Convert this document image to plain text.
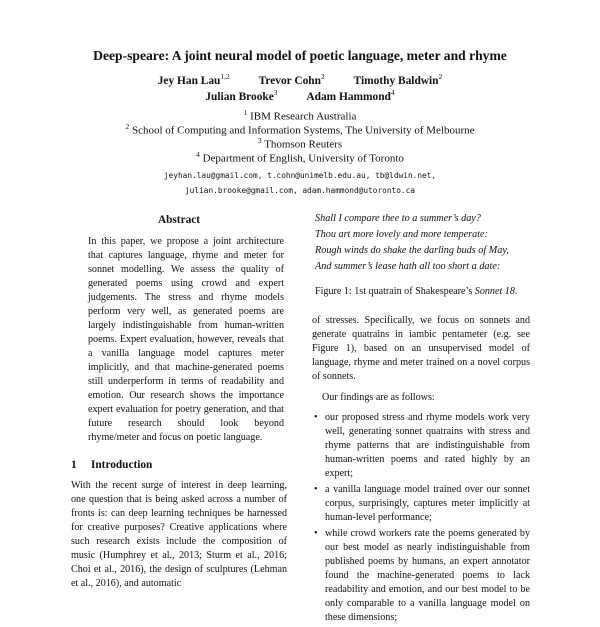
Deep-speare: A joint neural model of poetic language, meter and rhyme
Jey Han Lau$^{1,2}$	Trevor Cohn$^2$	Timothy Baldwin$^2$
Julian Brooke$^3$	Adam Hammond$^4$
$^1$ IBM Research Australia
$^2$ School of Computing and Information Systems, The University of Melbourne
$^3$ Thomson Reuters
$^4$ Department of English, University of Toronto
jeyhan.lau@gmail.com, t.cohn@unimelb.edu.au, tb@ldwin.net,
julian.brooke@gmail.com, adam.hammond@utoronto.ca
Abstract
In this paper, we propose a joint architecture that captures language, rhyme and meter for sonnet modelling. We assess the quality of generated poems using crowd and expert judgements. The stress and rhyme models perform very well, as generated poems are largely indistinguishable from human-written poems. Expert evaluation, however, reveals that a vanilla language model captures meter implicitly, and that machine-generated poems still underperform in terms of readability and emotion. Our research shows the importance expert evaluation for poetry generation, and that future research should look beyond rhyme/meter and focus on poetic language.
1 Introduction
With the recent surge of interest in deep learning, one question that is being asked across a number of fronts is: can deep learning techniques be harnessed for creative purposes? Creative applications where such research exists include the composition of music (Humphrey et al., 2013; Sturm et al., 2016; Choi et al., 2016), the design of sculptures (Lehman et al., 2016), and automatic
Shall I compare thee to a summer’s day?
Thou art more lovely and more temperate:
Rough winds do shake the darling buds of May,
And summer’s lease hath all too short a date:
Figure 1: 1st quatrain of Shakespeare’s Sonnet 18.
of stresses. Specifically, we focus on sonnets and generate quatrains in iambic pentameter (e.g. see Figure 1), based on an unsupervised model of language, rhyme and meter trained on a novel corpus of sonnets.
Our findings are as follows:
• our proposed stress and rhyme models work very well, generating sonnet quatrains with stress and rhyme patterns that are indistinguishable from human-written poems and rated highly by an expert;
• a vanilla language model trained over our sonnet corpus, surprisingly, captures meter implicitly at human-level performance;
• while crowd workers rate the poems generated by our best model as nearly indistinguishable from published poems by humans, an expert annotator found the machine-generated poems to lack readability and emotion, and our best model to be only comparable to a vanilla language model on these dimensions;
